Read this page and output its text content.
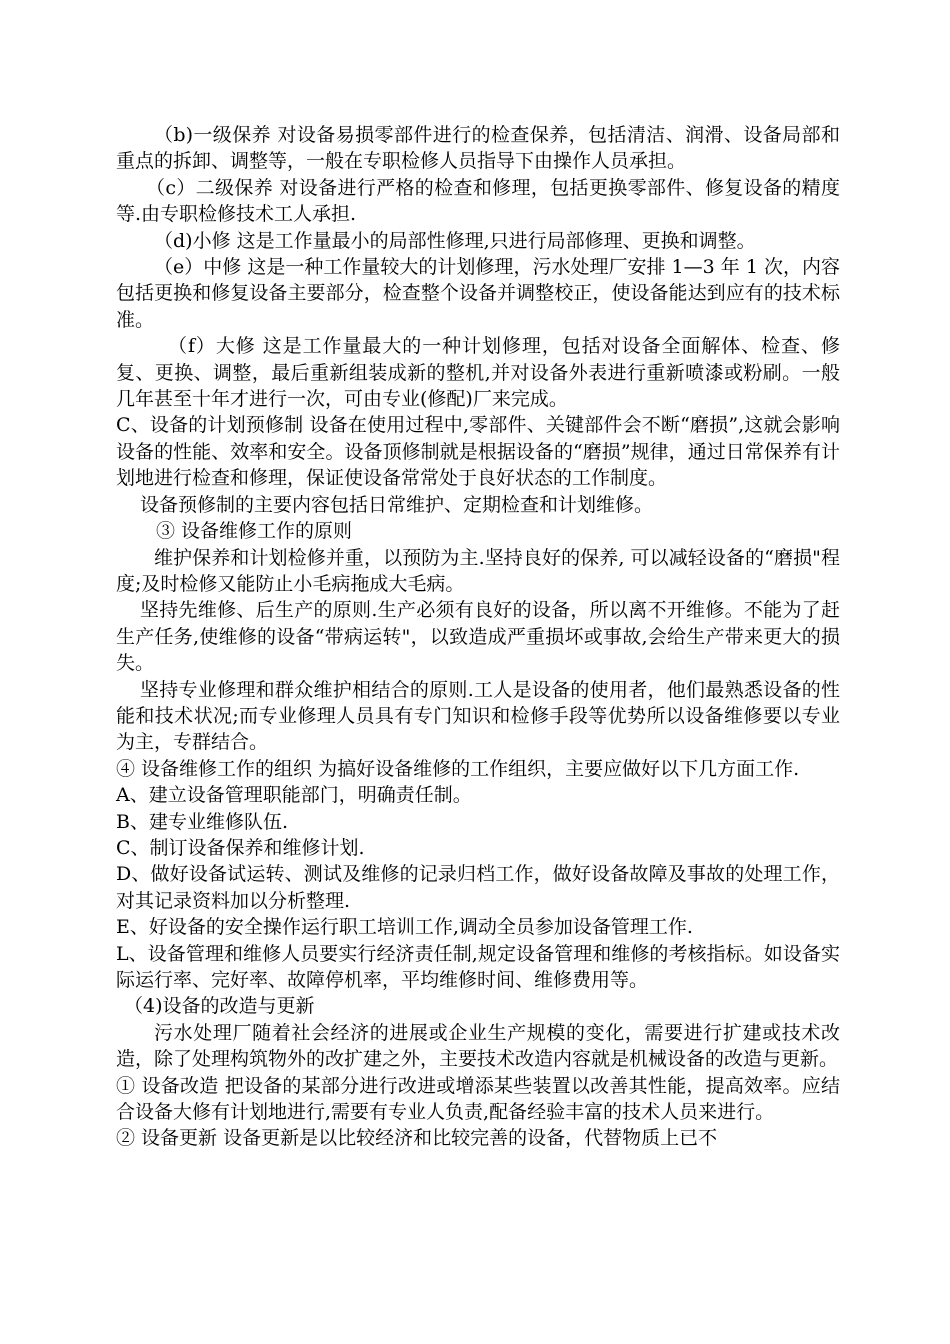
（b)一级保养 对设备易损零部件进行的检查保养，包括清洁、润滑、设备局部和重点的拆卸、调整等，一般在专职检修人员指导下由操作人员承担。

（c）二级保养 对设备进行严格的检查和修理，包括更换零部件、修复设备的精度等.由专职检修技术工人承担.

（d)小修 这是工作量最小的局部性修理,只进行局部修理、更换和调整。

（e）中修 这是一种工作量较大的计划修理，污水处理厂安排 1—3 年 1 次，内容包括更换和修复设备主要部分，检查整个设备并调整校正，使设备能达到应有的技术标准。

（f）大修 这是工作量最大的一种计划修理，包括对设备全面解体、检查、修复、更换、调整，最后重新组装成新的整机,并对设备外表进行重新喷漆或粉刷。一般几年甚至十年才进行一次，可由专业(修配)厂来完成。

C、设备的计划预修制 设备在使用过程中,零部件、关键部件会不断“磨损”,这就会影响设备的性能、效率和安全。设备顶修制就是根据设备的“磨损”规律，通过日常保养有计划地进行检查和修理，保证使设备常常处于良好状态的工作制度。

设备预修制的主要内容包括日常维护、定期检查和计划维修。

③ 设备维修工作的原则

维护保养和计划检修并重，以预防为主.坚持良好的保养, 可以减轻设备的“磨损"程度;及时检修又能防止小毛病拖成大毛病。

坚持先维修、后生产的原则.生产必须有良好的设备，所以离不开维修。不能为了赶生产任务,使维修的设备“带病运转"，以致造成严重损坏或事故,会给生产带来更大的损失。

坚持专业修理和群众维护相结合的原则.工人是设备的使用者，他们最熟悉设备的性能和技术状况;而专业修理人员具有专门知识和检修手段等优势所以设备维修要以专业为主，专群结合。

④ 设备维修工作的组织 为搞好设备维修的工作组织，主要应做好以下几方面工作.

A、建立设备管理职能部门，明确责任制。

B、建专业维修队伍.

C、制订设备保养和维修计划.

D、做好设备试运转、测试及维修的记录归档工作，做好设备故障及事故的处理工作，对其记录资料加以分析整理.

E、好设备的安全操作运行职工培训工作,调动全员参加设备管理工作.

L、设备管理和维修人员要实行经济责任制,规定设备管理和维修的考核指标。如设备实际运行率、完好率、故障停机率，平均维修时间、维修费用等。

（4)设备的改造与更新

污水处理厂随着社会经济的进展或企业生产规模的变化，需要进行扩建或技术改造，除了处理构筑物外的改扩建之外，主要技术改造内容就是机械设备的改造与更新。

① 设备改造 把设备的某部分进行改进或增添某些装置以改善其性能，提高效率。应结合设备大修有计划地进行,需要有专业人负责,配备经验丰富的技术人员来进行。

② 设备更新 设备更新是以比较经济和比较完善的设备，代替物质上已不
